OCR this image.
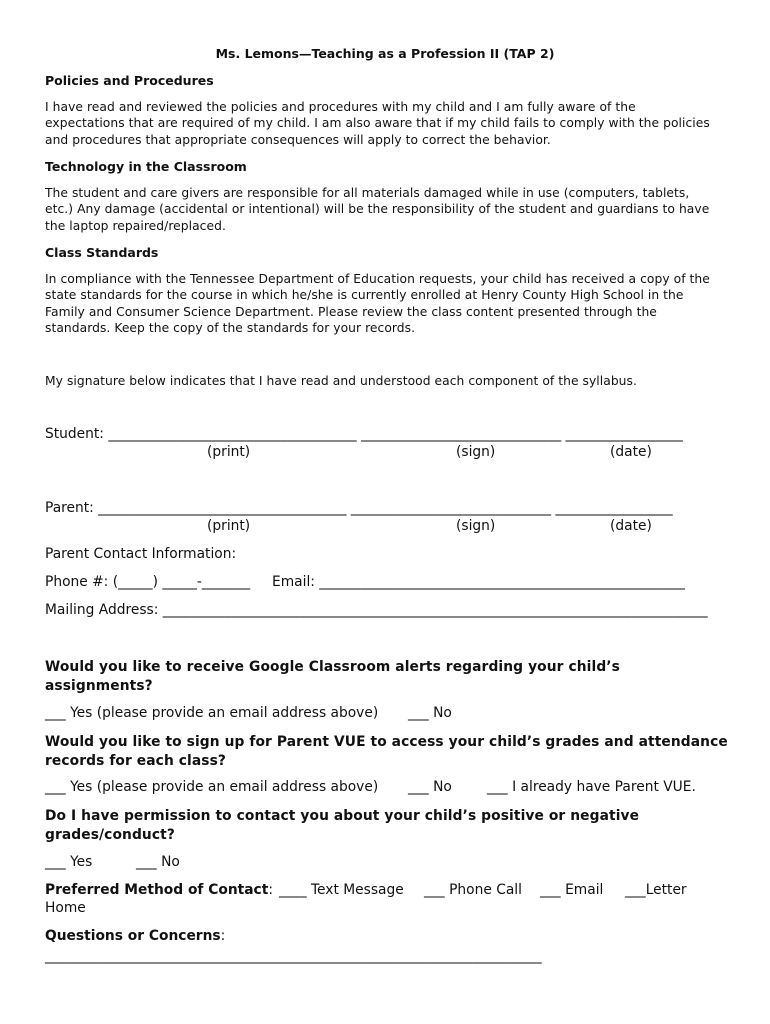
Ms. Lemons—Teaching as a Profession II (TAP 2)
Policies and Procedures
I have read and reviewed the policies and procedures with my child and I am fully aware of the
expectations that are required of my child. I am also aware that if my child fails to comply with the policies
and procedures that appropriate consequences will apply to correct the behavior.
Technology in the Classroom
The student and care givers are responsible for all materials damaged while in use (computers, tablets,
etc.) Any damage (accidental or intentional) will be the responsibility of the student and guardians to have
the laptop repaired/replaced.
Class Standards
In compliance with the Tennessee Department of Education requests, your child has received a copy of the
state standards for the course in which he/she is currently enrolled at Henry County High School in the
Family and Consumer Science Department. Please review the class content presented through the
standards. Keep the copy of the standards for your records.
My signature below indicates that I have read and understood each component of the syllabus.
Student: ____________________________________ _____________________________ _________________
(print)	(sign)	(date)
Parent: ____________________________________ _____________________________ _________________
(print)	(sign)	(date)
Parent Contact Information:
Phone #: (_____) _____-_______ Email: _____________________________________________________
Mailing Address: _______________________________________________________________________________
Would you like to receive Google Classroom alerts regarding your child’s
assignments?
___ Yes (please provide an email address above) ___ No
Would you like to sign up for Parent VUE to access your child’s grades and attendance
records for each class?
___ Yes (please provide an email address above) ___ No	___ I already have Parent VUE.
Do I have permission to contact you about your child’s positive or negative
grades/conduct?
___ Yes	___ No
Preferred Method of Contact: ____ Text Message ___ Phone Call ___ Email ___Letter
Home
Questions or Concerns:
________________________________________________________________________
